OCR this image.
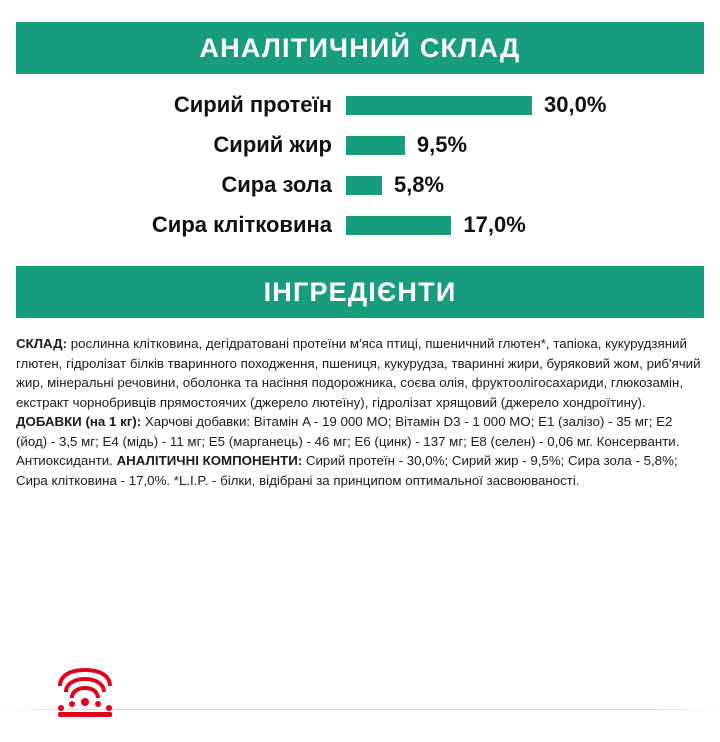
АНАЛІТИЧНИЙ СКЛАД
Сирий протеїн	30,0%
Сирий жир	9,5%
Сира зола	5,8%
Сира клітковина	17,0%
ІНГРЕДІЄНТИ
СКЛАД: рослинна клітковина, дегідратовані протеїни м'яса птиці, пшеничний глютен*, тапіока, кукурудзяний глютен, гідролізат білків тваринного походження, пшениця, кукурудза, тваринні жири, буряковий жом, риб'ячий жир, мінеральні речовини, оболонка та насіння подорожника, соєва олія, фруктоолігосахариди, глюкозамін, екстракт чорнобривців прямостоячих (джерело лютеїну), гідролізат хрящовий (джерело хондроїтину). ДОБАВКИ (на 1 кг): Харчові добавки: Вітамін A - 19 000 МО; Вітамін D3 - 1 000 МО; Е1 (залізо) - 35 мг; Е2 (йод) - 3,5 мг; Е4 (мідь) - 11 мг; Е5 (марганець) - 46 мг; Е6 (цинк) - 137 мг; Е8 (селен) - 0,06 мг. Консерванти. Антиоксиданти. АНАЛІТИЧНІ КОМПОНЕНТИ: Сирий протеїн - 30,0%; Сирий жир - 9,5%; Сира зола - 5,8%; Сира клітковина - 17,0%. *L.I.P. - білки, відібрані за принципом оптимальної засвоюваності.
